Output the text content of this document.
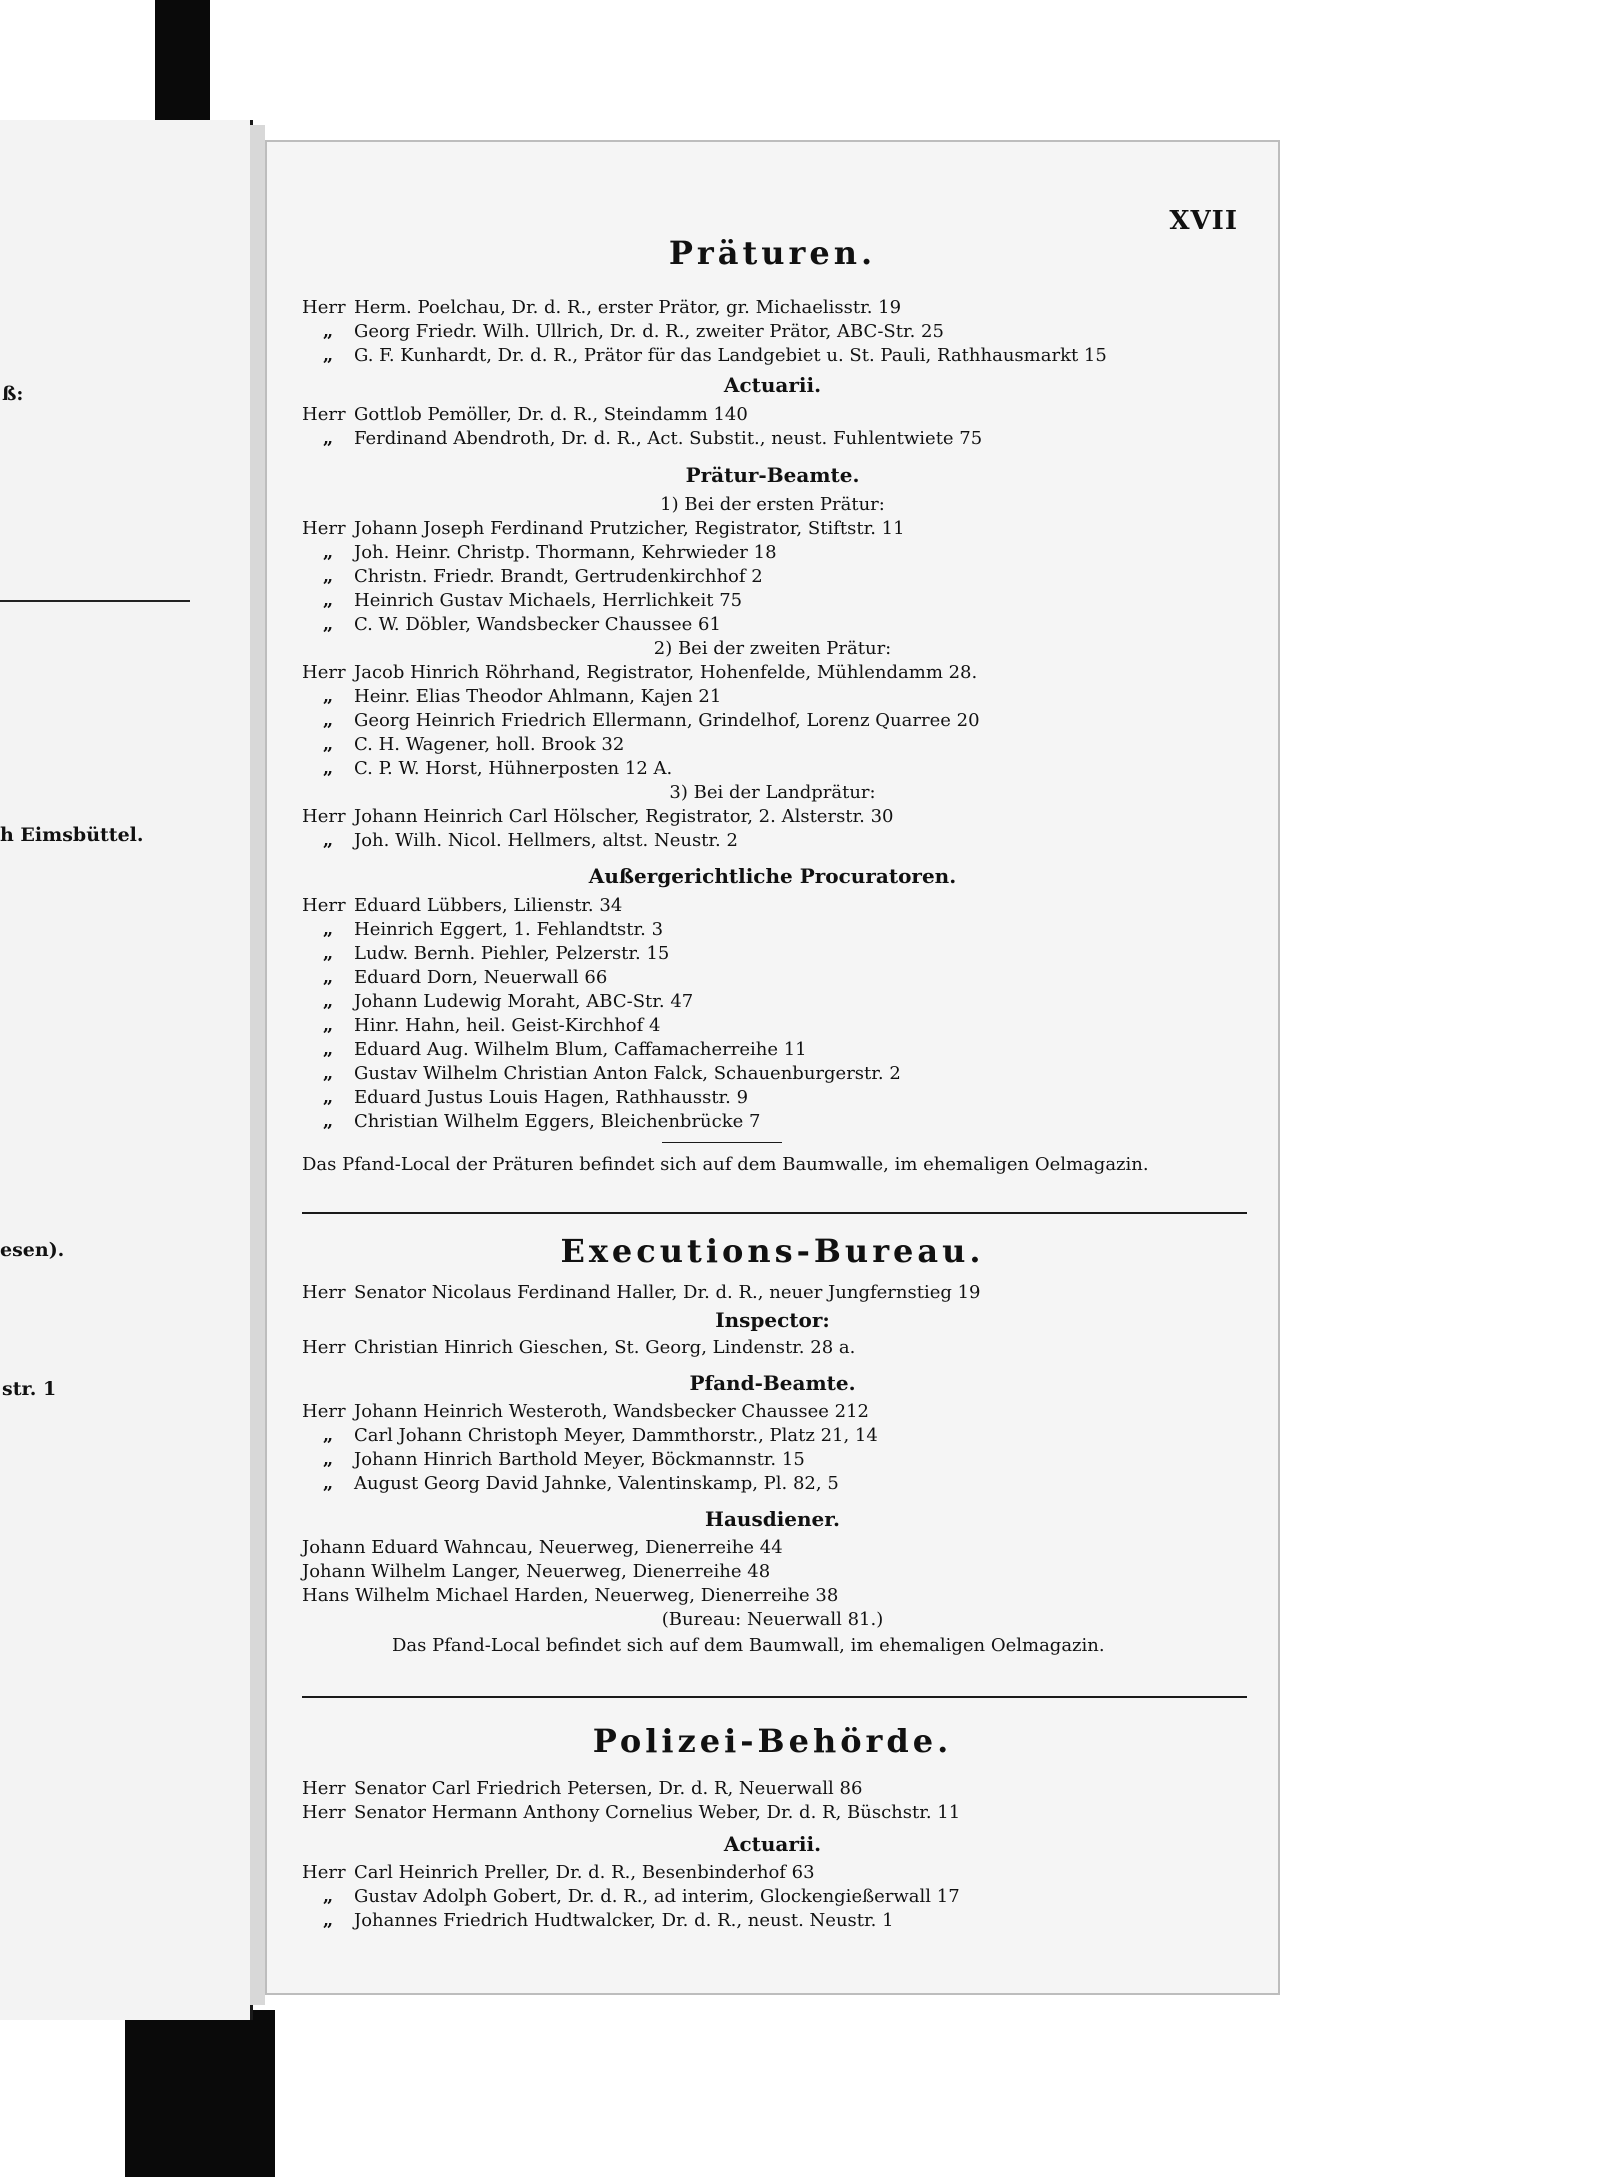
ß:
h Eimsbüttel.
esen).
str. 1
XVII
Präturen.
Herr Herm. Poelchau, Dr. d. R., erster Prätor, gr. Michaelisstr. 19
„ Georg Friedr. Wilh. Ullrich, Dr. d. R., zweiter Prätor, ABC-Str. 25
„ G. F. Kunhardt, Dr. d. R., Prätor für das Landgebiet u. St. Pauli, Rathhausmarkt 15
Actuarii.
Herr Gottlob Pemöller, Dr. d. R., Steindamm 140
„ Ferdinand Abendroth, Dr. d. R., Act. Substit., neust. Fuhlentwiete 75
Prätur-Beamte.
1) Bei der ersten Prätur:
Herr Johann Joseph Ferdinand Prutzicher, Registrator, Stiftstr. 11
„ Joh. Heinr. Christp. Thormann, Kehrwieder 18
„ Christn. Friedr. Brandt, Gertrudenkirchhof 2
„ Heinrich Gustav Michaels, Herrlichkeit 75
„ C. W. Döbler, Wandsbecker Chaussee 61
2) Bei der zweiten Prätur:
Herr Jacob Hinrich Röhrhand, Registrator, Hohenfelde, Mühlendamm 28.
„ Heinr. Elias Theodor Ahlmann, Kajen 21
„ Georg Heinrich Friedrich Ellermann, Grindelhof, Lorenz Quarree 20
„ C. H. Wagener, holl. Brook 32
„ C. P. W. Horst, Hühnerposten 12 A.
3) Bei der Landprätur:
Herr Johann Heinrich Carl Hölscher, Registrator, 2. Alsterstr. 30
„ Joh. Wilh. Nicol. Hellmers, altst. Neustr. 2
Außergerichtliche Procuratoren.
Herr Eduard Lübbers, Lilienstr. 34
„ Heinrich Eggert, 1. Fehlandtstr. 3
„ Ludw. Bernh. Piehler, Pelzerstr. 15
„ Eduard Dorn, Neuerwall 66
„ Johann Ludewig Moraht, ABC-Str. 47
„ Hinr. Hahn, heil. Geist-Kirchhof 4
„ Eduard Aug. Wilhelm Blum, Caffamacherreihe 11
„ Gustav Wilhelm Christian Anton Falck, Schauenburgerstr. 2
„ Eduard Justus Louis Hagen, Rathhausstr. 9
„ Christian Wilhelm Eggers, Bleichenbrücke 7
Das Pfand-Local der Präturen befindet sich auf dem Baumwalle, im ehemaligen Oelmagazin.
Executions-Bureau.
Herr Senator Nicolaus Ferdinand Haller, Dr. d. R., neuer Jungfernstieg 19
Inspector:
Herr Christian Hinrich Gieschen, St. Georg, Lindenstr. 28 a.
Pfand-Beamte.
Herr Johann Heinrich Westeroth, Wandsbecker Chaussee 212
„ Carl Johann Christoph Meyer, Dammthorstr., Platz 21, 14
„ Johann Hinrich Barthold Meyer, Böckmannstr. 15
„ August Georg David Jahnke, Valentinskamp, Pl. 82, 5
Hausdiener.
Johann Eduard Wahncau, Neuerweg, Dienerreihe 44
Johann Wilhelm Langer, Neuerweg, Dienerreihe 48
Hans Wilhelm Michael Harden, Neuerweg, Dienerreihe 38
(Bureau: Neuerwall 81.)
Das Pfand-Local befindet sich auf dem Baumwall, im ehemaligen Oelmagazin.
Polizei-Behörde.
Herr Senator Carl Friedrich Petersen, Dr. d. R, Neuerwall 86
Herr Senator Hermann Anthony Cornelius Weber, Dr. d. R, Büschstr. 11
Actuarii.
Herr Carl Heinrich Preller, Dr. d. R., Besenbinderhof 63
„ Gustav Adolph Gobert, Dr. d. R., ad interim, Glockengießerwall 17
„ Johannes Friedrich Hudtwalcker, Dr. d. R., neust. Neustr. 1
